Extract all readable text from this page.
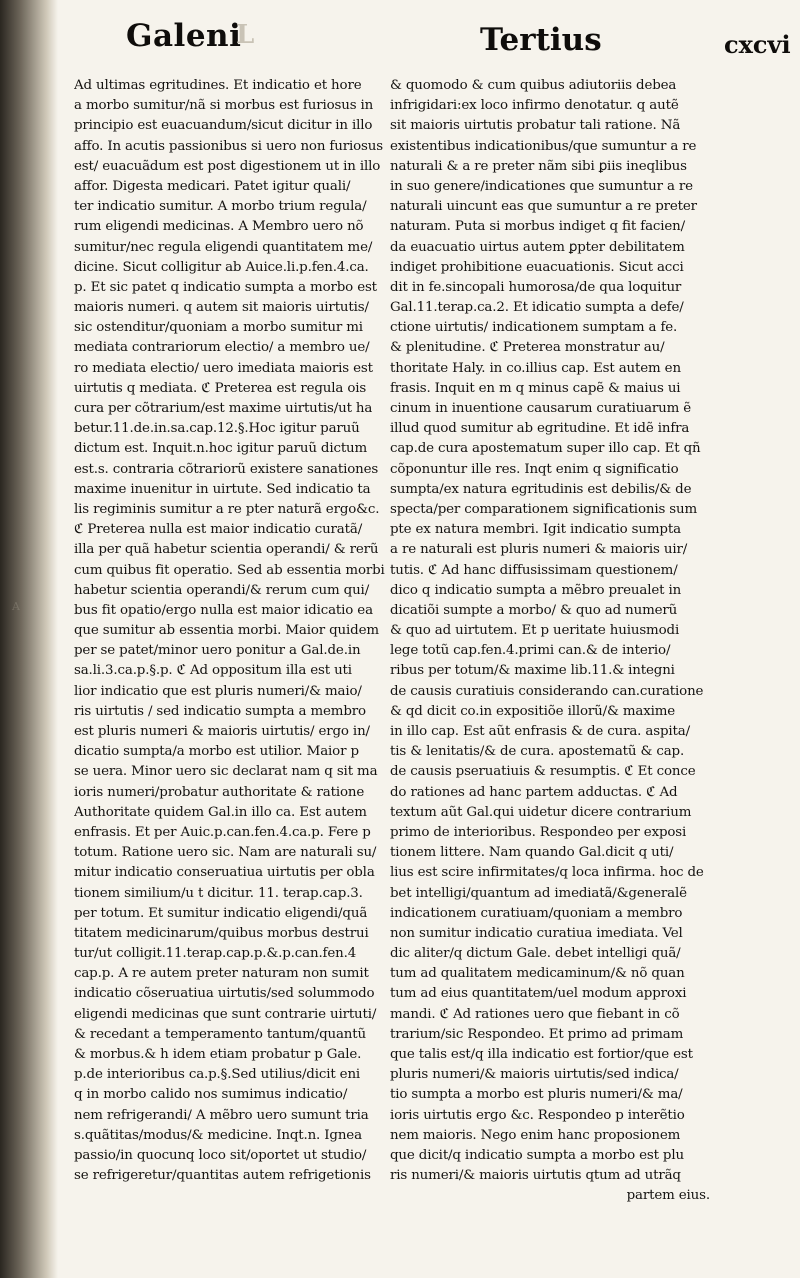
A
Galeni
L	Tertius	cxcvi
Ad ultimas egritudines. Et indicatio et hore
a morbo sumitur/nã si morbus est furiosus in
principio est euacuandum/sicut dicitur in illo
affo. In acutis passionibus si uero non furiosus
est/ euacuãdum est post digestionem ut in illo
affor. Digesta medicari. Patet igitur quali/
ter indicatio sumitur. A morbo trium regula/
rum eligendi medicinas. A Membro uero nõ
sumitur/nec regula eligendi quantitatem me/
dicine. Sicut colligitur ab Auice.li.p.fen.4.ca.
p. Et sic patet q indicatio sumpta a morbo est
maioris numeri. q autem sit maioris uirtutis/
sic ostenditur/quoniam a morbo sumitur mi
mediata contrariorum electio/ a membro ue/
ro mediata electio/ uero imediata maioris est
uirtutis q mediata. ℭ Preterea est regula ois
cura per cõtrarium/est maxime uirtutis/ut ha
betur.11.de.in.sa.cap.12.§.Hoc igitur paruũ
dictum est. Inquit.n.hoc igitur paruũ dictum
est.s. contraria cõtrariorũ existere sanationes
maxime inuenitur in uirtute. Sed indicatio ta
lis regiminis sumitur a re pter naturã ergo&c.
ℭ Preterea nulla est maior indicatio curatã/
illa per quã habetur scientia operandi/ & rerũ
cum quibus fit operatio. Sed ab essentia morbi
habetur scientia operandi/& rerum cum qui/
bus fit opatio/ergo nulla est maior idicatio ea
que sumitur ab essentia morbi. Maior quidem
per se patet/minor uero ponitur a Gal.de.in
sa.li.3.ca.p.§.p. ℭ Ad oppositum illa est uti
lior indicatio que est pluris numeri/& maio/
ris uirtutis / sed indicatio sumpta a membro
est pluris numeri & maioris uirtutis/ ergo in/
dicatio sumpta/a morbo est utilior. Maior p
se uera. Minor uero sic declarat nam q sit ma
ioris numeri/probatur authoritate & ratione
Authoritate quidem Gal.in illo ca. Est autem
enfrasis. Et per Auic.p.can.fen.4.ca.p. Fere p
totum. Ratione uero sic. Nam are naturali su/
mitur indicatio conseruatiua uirtutis per obla
tionem similium/u t dicitur. 11. terap.cap.3.
per totum. Et sumitur indicatio eligendi/quã
titatem medicinarum/quibus morbus destrui
tur/ut colligit.11.terap.cap.p.&.p.can.fen.4
cap.p. A re autem preter naturam non sumit
indicatio cõseruatiua uirtutis/sed solummodo
eligendi medicinas que sunt contrarie uirtuti/
& recedant a temperamento tantum/quantũ
& morbus.& h idem etiam probatur p Gale.
p.de interioribus ca.p.§.Sed utilius/dicit eni
q in morbo calido nos sumimus indicatio/
nem refrigerandi/ A mẽbro uero sumunt tria
s.quãtitas/modus/& medicine. Inqt.n. Ignea
passio/in quocunq loco sit/oportet ut studio/
se refrigeretur/quantitas autem refrigetionis
& quomodo & cum quibus adiutoriis debea
infrigidari:ex loco infirmo denotatur. q autẽ
sit maioris uirtutis probatur tali ratione. Nã
existentibus indicationibus/que sumuntur a re
naturali & a re preter nãm sibi ꝑiis ineqlibus
in suo genere/indicationes que sumuntur a re
naturali uincunt eas que sumuntur a re preter
naturam. Puta si morbus indiget q fit facien/
da euacuatio uirtus autem ꝑpter debilitatem
indiget prohibitione euacuationis. Sicut acci
dit in fe.sincopali humorosa/de qua loquitur
Gal.11.terap.ca.2. Et idicatio sumpta a defe/
ctione uirtutis/ indicationem sumptam a fe.
& plenitudine. ℭ Preterea monstratur au/
thoritate Haly. in co.illius cap. Est autem en
frasis. Inquit en m q minus capẽ & maius ui
cinum in inuentione causarum curatiuarum ẽ
illud quod sumitur ab egritudine. Et idẽ infra
cap.de cura apostematum super illo cap. Et qñ
cõponuntur ille res. Inqt enim q significatio
sumpta/ex natura egritudinis est debilis/& de
specta/per comparationem significationis sum
pte ex natura membri. Igit indicatio sumpta
a re naturali est pluris numeri & maioris uir/
tutis. ℭ Ad hanc diffusissimam questionem/
dico q indicatio sumpta a mẽbro preualet in
dicatiõi sumpte a morbo/ & quo ad numerũ
& quo ad uirtutem. Et p ueritate huiusmodi
lege totũ cap.fen.4.primi can.& de interio/
ribus per totum/& maxime lib.11.& integni
de causis curatiuis considerando can.curatione
& qd dicit co.in expositiõe illorũ/& maxime
in illo cap. Est aũt enfrasis & de cura. aspita/
tis & lenitatis/& de cura. apostematũ & cap.
de causis pseruatiuis & resumptis. ℭ Et conce
do rationes ad hanc partem adductas. ℭ Ad
textum aũt Gal.qui uidetur dicere contrarium
primo de interioribus. Respondeo per exposi
tionem littere. Nam quando Gal.dicit q uti/
lius est scire infirmitates/q loca infirma. hoc de
bet intelligi/quantum ad imediatã/&generalẽ
indicationem curatiuam/quoniam a membro
non sumitur indicatio curatiua imediata. Vel
dic aliter/q dictum Gale. debet intelligi quã/
tum ad qualitatem medicaminum/& nõ quan
tum ad eius quantitatem/uel modum approxi
mandi. ℭ Ad rationes uero que fiebant in cõ
trarium/sic Respondeo. Et primo ad primam
que talis est/q illa indicatio est fortior/que est
pluris numeri/& maioris uirtutis/sed indica/
tio sumpta a morbo est pluris numeri/& ma/
ioris uirtutis ergo &c. Respondeo p interẽtio
nem maioris. Nego enim hanc proposionem
que dicit/q indicatio sumpta a morbo est plu
ris numeri/& maioris uirtutis qtum ad utrãq
partem eius.
